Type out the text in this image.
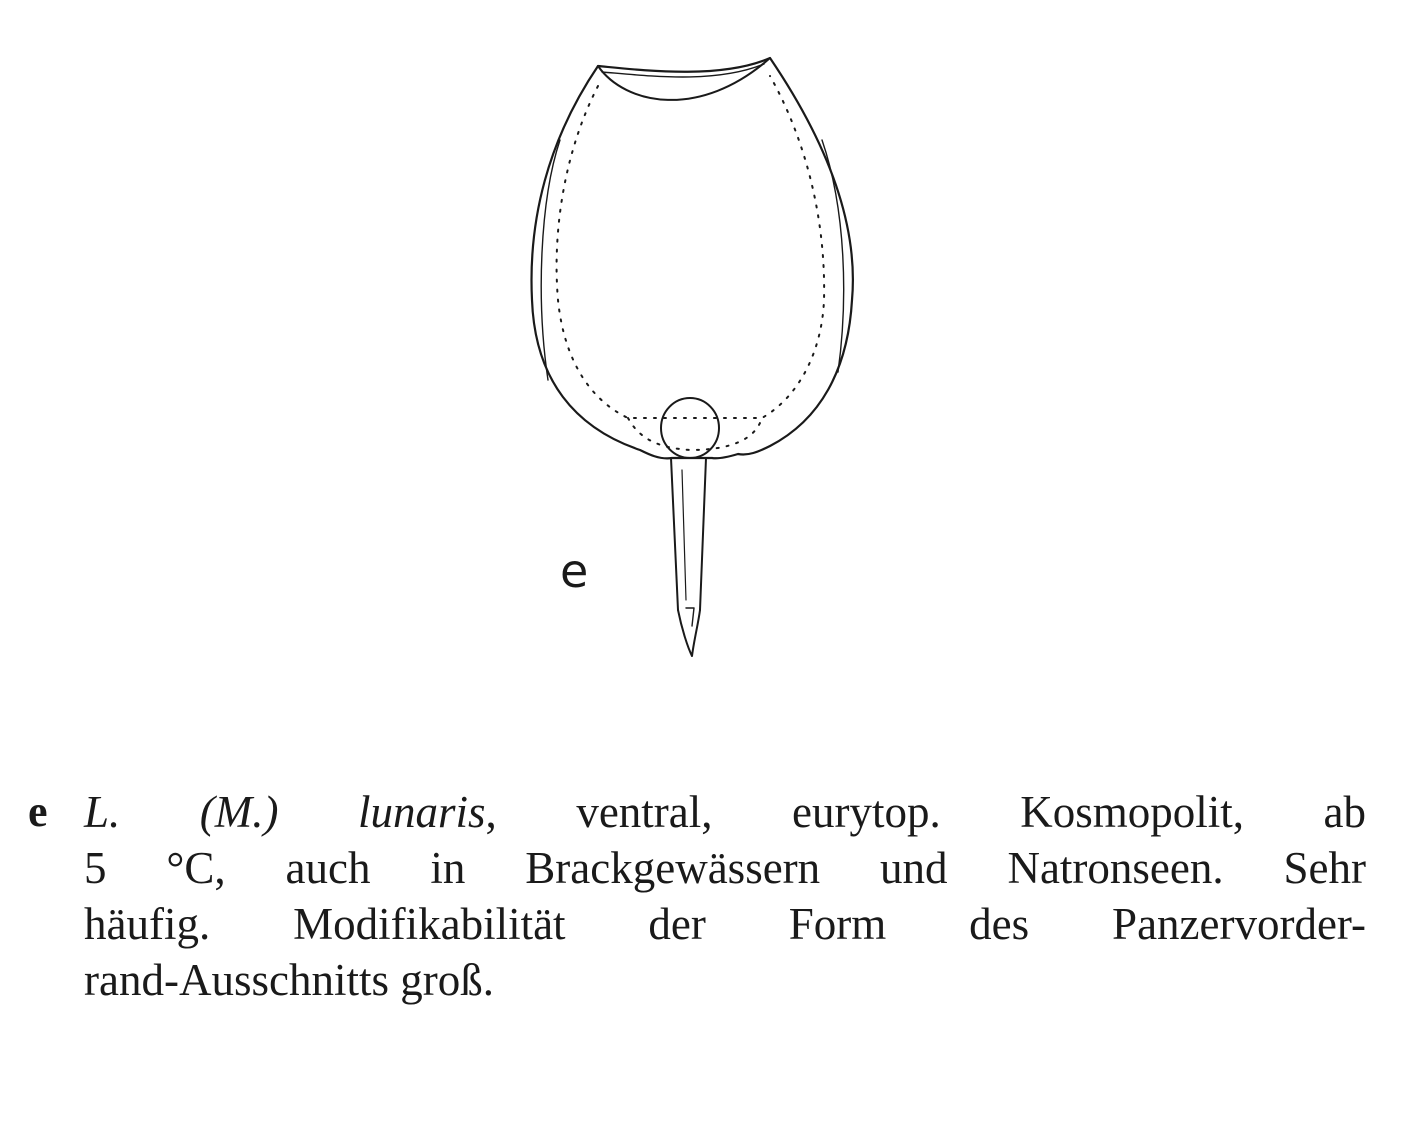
e
e L. (M.) lunaris, ventral, eurytop. Kosmopolit, ab
5 °C, auch in Brackgewässern und Natronseen. Sehr
häufig. Modifikabilität der Form des Panzervorder-
rand-Ausschnitts groß.
